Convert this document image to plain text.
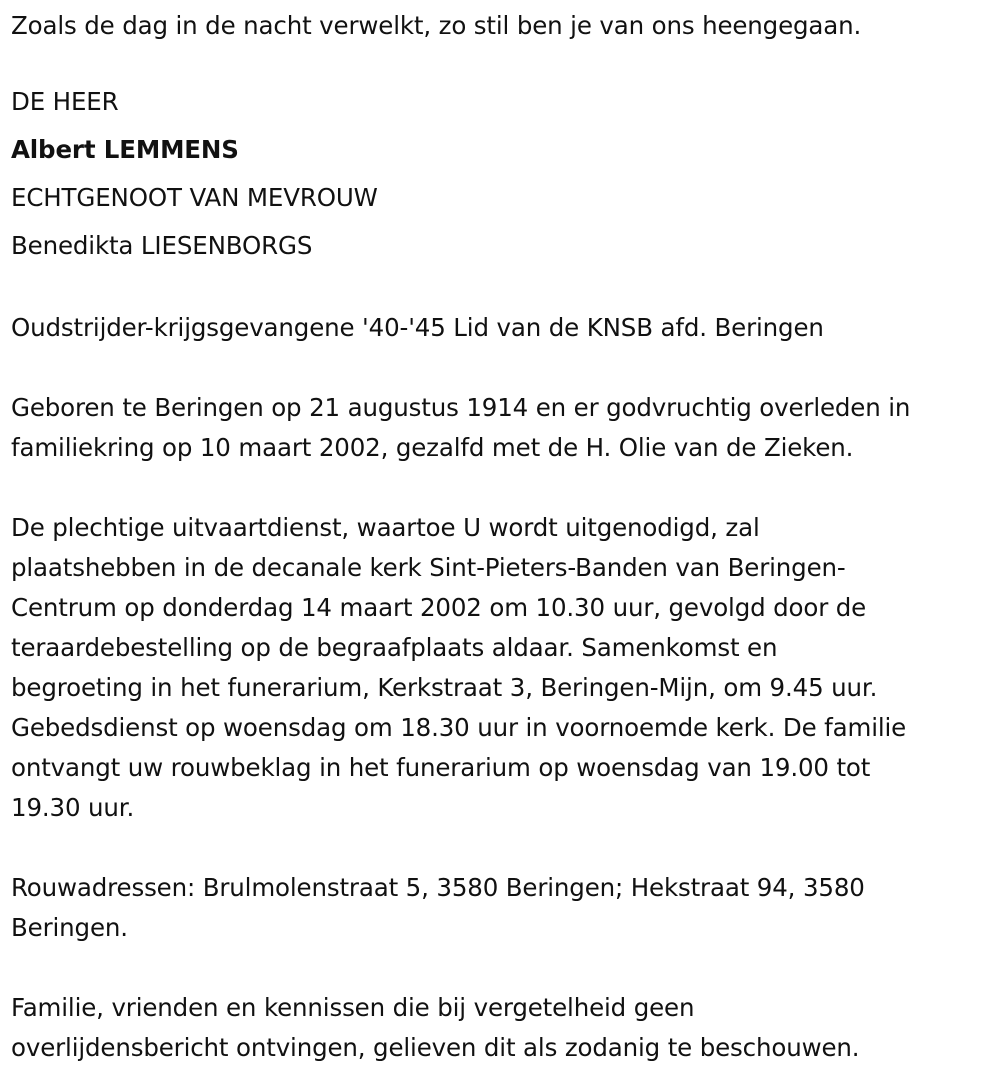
Zoals de dag in de nacht verwelkt, zo stil ben je van ons heengegaan.
DE HEER
Albert LEMMENS
ECHTGENOOT VAN MEVROUW
Benedikta LIESENBORGS
Oudstrijder-krijgsgevangene '40-'45 Lid van de KNSB afd. Beringen
Geboren te Beringen op 21 augustus 1914 en er godvruchtig overleden in
familiekring op 10 maart 2002, gezalfd met de H. Olie van de Zieken.
De plechtige uitvaartdienst, waartoe U wordt uitgenodigd, zal
plaatshebben in de decanale kerk Sint-Pieters-Banden van Beringen-
Centrum op donderdag 14 maart 2002 om 10.30 uur, gevolgd door de
teraardebestelling op de begraafplaats aldaar. Samenkomst en
begroeting in het funerarium, Kerkstraat 3, Beringen-Mijn, om 9.45 uur.
Gebedsdienst op woensdag om 18.30 uur in voornoemde kerk. De familie
ontvangt uw rouwbeklag in het funerarium op woensdag van 19.00 tot
19.30 uur.
Rouwadressen: Brulmolenstraat 5, 3580 Beringen; Hekstraat 94, 3580
Beringen.
Familie, vrienden en kennissen die bij vergetelheid geen
overlijdensbericht ontvingen, gelieven dit als zodanig te beschouwen.
